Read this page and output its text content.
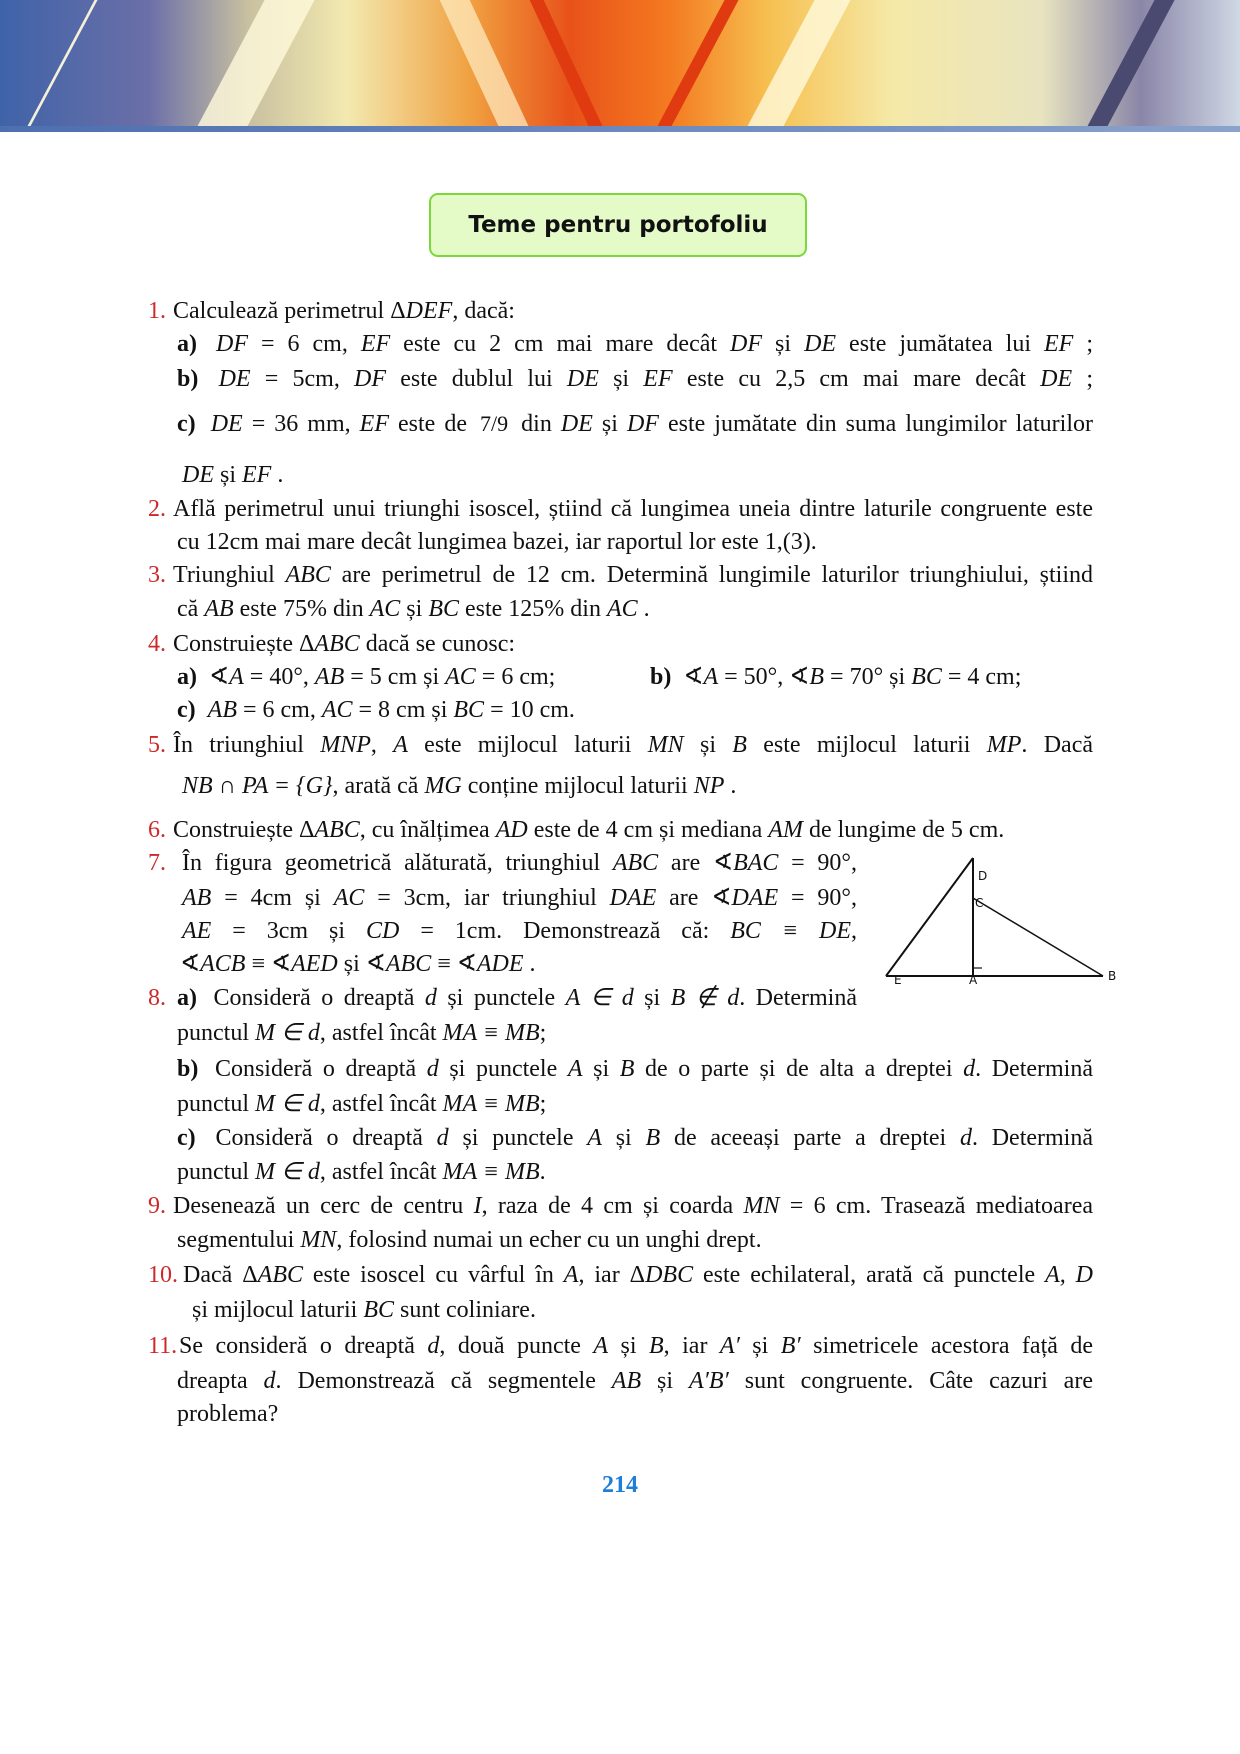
Teme pentru portofoliu
1. Calculează perimetrul ΔDEF, dacă:
a) DF = 6 cm, EF este cu 2 cm mai mare decât DF și DE este jumătatea lui EF ;
b) DE = 5cm, DF este dublul lui DE și EF este cu 2,5 cm mai mare decât DE ;
c) DE = 36 mm, EF este de 7/9 din DE și DF este jumătate din suma lungimilor laturilor
DE și EF .
2. Află perimetrul unui triunghi isoscel, știind că lungimea uneia dintre laturile congruente este
cu 12cm mai mare decât lungimea bazei, iar raportul lor este 1,(3).
3. Triunghiul ABC are perimetrul de 12 cm. Determină lungimile laturilor triunghiului, știind
că AB este 75% din AC și BC este 125% din AC .
4. Construiește ΔABC dacă se cunosc:
a) ∢A = 40°, AB = 5 cm și AC = 6 cm;	b) ∢A = 50°, ∢B = 70° și BC = 4 cm;
c) AB = 6 cm, AC = 8 cm și BC = 10 cm.
5. În triunghiul MNP, A este mijlocul laturii MN și B este mijlocul laturii MP. Dacă
NB ∩ PA = {G}, arată că MG conține mijlocul laturii NP .
6. Construiește ΔABC, cu înălțimea AD este de 4 cm și mediana AM de lungime de 5 cm.
7. În figura geometrică alăturată, triunghiul ABC are ∢BAC = 90°,
AB = 4cm și AC = 3cm, iar triunghiul DAE are ∢DAE = 90°,
AE = 3cm și CD = 1cm. Demonstrează că: BC ≡ DE,
∢ACB ≡ ∢AED și ∢ABC ≡ ∢ADE .
8. a) Consideră o dreaptă d și punctele A ∈ d și B ∉ d. Determină
punctul M ∈ d, astfel încât MA ≡ MB;
b) Consideră o dreaptă d și punctele A și B de o parte și de alta a dreptei d. Determină
punctul M ∈ d, astfel încât MA ≡ MB;
c) Consideră o dreaptă d și punctele A și B de aceeași parte a dreptei d. Determină
punctul M ∈ d, astfel încât MA ≡ MB.
9. Desenează un cerc de centru I, raza de 4 cm și coarda MN = 6 cm. Trasează mediatoarea
segmentului MN, folosind numai un echer cu un unghi drept.
10. Dacă ΔABC este isoscel cu vârful în A, iar ΔDBC este echilateral, arată că punctele A, D
și mijlocul laturii BC sunt coliniare.
11. Se consideră o dreaptă d, două puncte A și B, iar A′ și B′ simetricele acestora față de
dreapta d. Demonstrează că segmentele AB și A′B′ sunt congruente. Câte cazuri are
problema?
D
C
E	A	B
214
